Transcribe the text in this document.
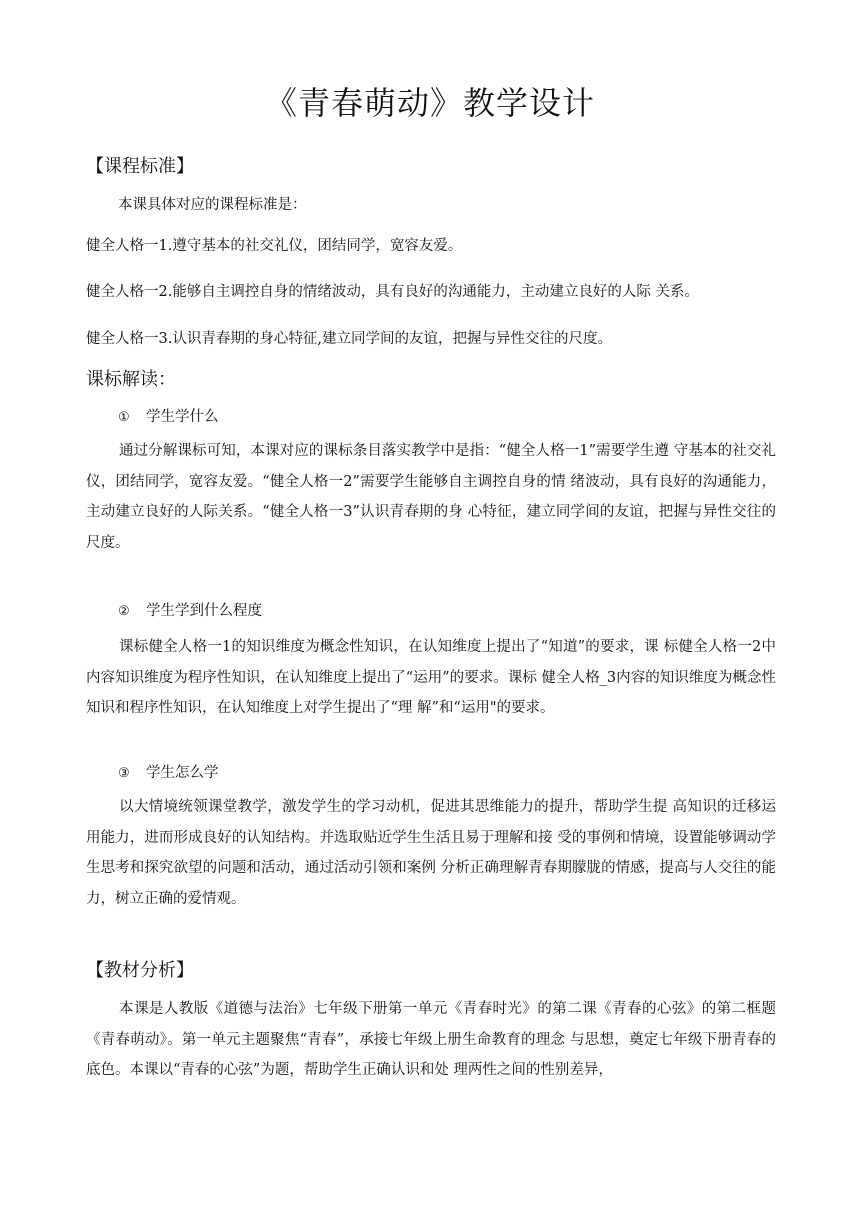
《青春萌动》教学设计
【课程标准】
本课具体对应的课程标准是：
健全人格一1.遵守基本的社交礼仪，团结同学，宽容友爱。
健全人格一2.能够自主调控自身的情绪波动，具有良好的沟通能力，主动建立良好的人际 关系。
健全人格一3.认识青春期的身心特征,建立同学间的友谊，把握与异性交往的尺度。
课标解读：
① 学生学什么
通过分解课标可知，本课对应的课标条目落实教学中是指：“健全人格一1”需要学生遵 守基本的社交礼仪，团结同学，宽容友爱。“健全人格一2”需要学生能够自主调控自身的情 绪波动，具有良好的沟通能力，主动建立良好的人际关系。“健全人格一3”认识青春期的身 心特征，建立同学间的友谊，把握与异性交往的尺度。
② 学生学到什么程度
课标健全人格一1的知识维度为概念性知识，在认知维度上提出了“知道”的要求，课 标健全人格一2中内容知识维度为程序性知识，在认知维度上提出了“运用”的要求。课标 健全人格_3内容的知识维度为概念性知识和程序性知识，在认知维度上对学生提出了“理 解”和“运用"的要求。
③ 学生怎么学
以大情境统领课堂教学，激发学生的学习动机，促进其思维能力的提升，帮助学生提 高知识的迁移运用能力，进而形成良好的认知结构。并选取贴近学生生活且易于理解和接 受的事例和情境，设置能够调动学生思考和探究欲望的问题和活动，通过活动引领和案例 分析正确理解青春期朦胧的情感，提高与人交往的能力，树立正确的爱情观。
【教材分析】
本课是人教版《道德与法治》七年级下册第一单元《青春时光》的第二课《青春的心弦》的第二框题《青春萌动》。第一单元主题聚焦“青春”，承接七年级上册生命教育的理念 与思想，奠定七年级下册青春的底色。本课以“青春的心弦”为题，帮助学生正确认识和处 理两性之间的性别差异，
